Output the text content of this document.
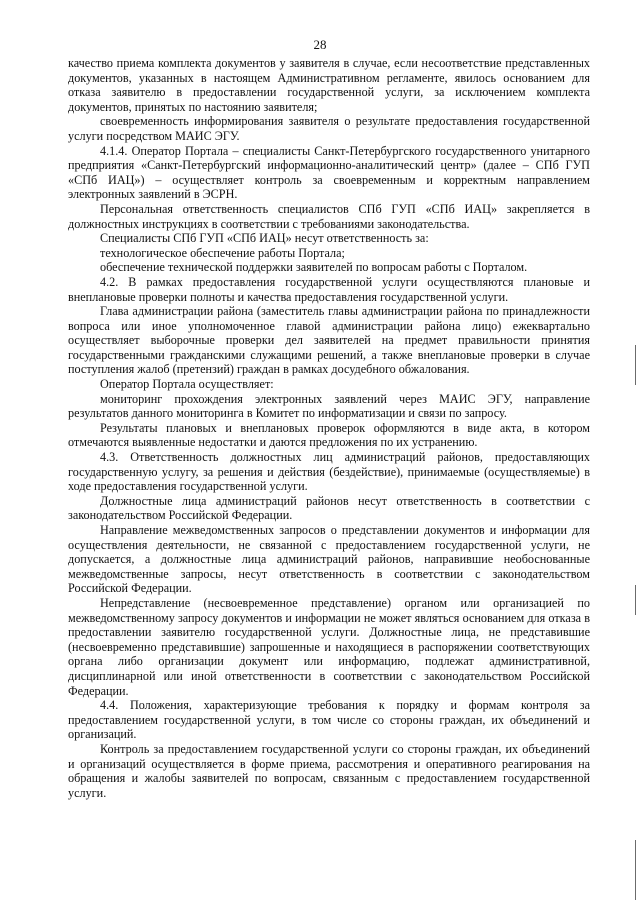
28

качество приема комплекта документов у заявителя в случае, если несоответствие представленных документов, указанных в настоящем Административном регламенте, явилось основанием для отказа заявителю в предоставлении государственной услуги, за исключением комплекта документов, принятых по настоянию заявителя;

своевременность информирования заявителя о результате предоставления государственной услуги посредством МАИС ЭГУ.

4.1.4. Оператор Портала – специалисты Санкт-Петербургского государственного унитарного предприятия «Санкт-Петербургский информационно-аналитический центр» (далее – СПб ГУП «СПб ИАЦ») – осуществляет контроль за своевременным и корректным направлением электронных заявлений в ЭСРН.

Персональная ответственность специалистов СПб ГУП «СПб ИАЦ» закрепляется в должностных инструкциях в соответствии с требованиями законодательства.

Специалисты СПб ГУП «СПб ИАЦ» несут ответственность за:

технологическое обеспечение работы Портала;

обеспечение технической поддержки заявителей по вопросам работы с Порталом.

4.2. В рамках предоставления государственной услуги осуществляются плановые и внеплановые проверки полноты и качества предоставления государственной услуги.

Глава администрации района (заместитель главы администрации района по принадлежности вопроса или иное уполномоченное главой администрации района лицо) ежеквартально осуществляет выборочные проверки дел заявителей на предмет правильности принятия государственными гражданскими служащими решений, а также внеплановые проверки в случае поступления жалоб (претензий) граждан в рамках досудебного обжалования.

Оператор Портала осуществляет:

мониторинг прохождения электронных заявлений через МАИС ЭГУ, направление результатов данного мониторинга в Комитет по информатизации и связи по запросу.

Результаты плановых и внеплановых проверок оформляются в виде акта, в котором отмечаются выявленные недостатки и даются предложения по их устранению.

4.3. Ответственность должностных лиц администраций районов, предоставляющих государственную услугу, за решения и действия (бездействие), принимаемые (осуществляемые) в ходе предоставления государственной услуги.

Должностные лица администраций районов несут ответственность в соответствии с законодательством Российской Федерации.

Направление межведомственных запросов о представлении документов и информации для осуществления деятельности, не связанной с предоставлением государственной услуги, не допускается, а должностные лица администраций районов, направившие необоснованные межведомственные запросы, несут ответственность в соответствии с законодательством Российской Федерации.

Непредставление (несвоевременное представление) органом или организацией по межведомственному запросу документов и информации не может являться основанием для отказа в предоставлении заявителю государственной услуги. Должностные лица, не представившие (несвоевременно представившие) запрошенные и находящиеся в распоряжении соответствующих органа либо организации документ или информацию, подлежат административной, дисциплинарной или иной ответственности в соответствии с законодательством Российской Федерации.

4.4. Положения, характеризующие требования к порядку и формам контроля за предоставлением государственной услуги, в том числе со стороны граждан, их объединений и организаций.

Контроль за предоставлением государственной услуги со стороны граждан, их объединений и организаций осуществляется в форме приема, рассмотрения и оперативного реагирования на обращения и жалобы заявителей по вопросам, связанным с предоставлением государственной услуги.
